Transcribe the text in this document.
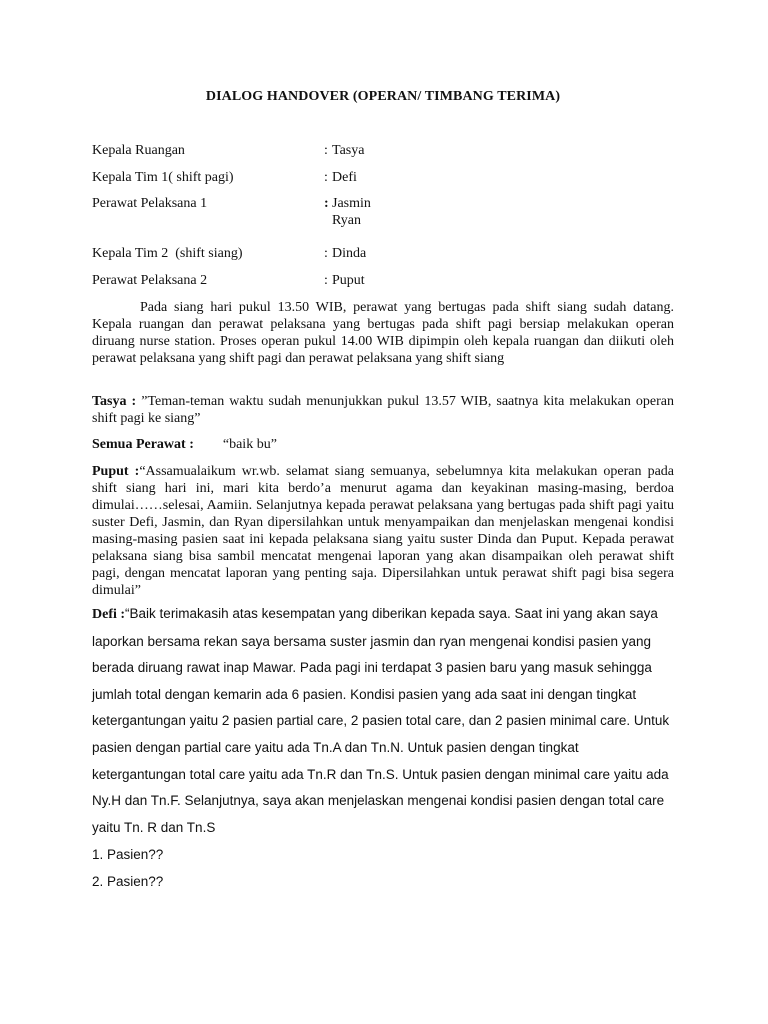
DIALOG HANDOVER (OPERAN/ TIMBANG TERIMA)
Kepala Ruangan	: Tasya
Kepala Tim 1( shift pagi)	: Defi
Perawat Pelaksana 1	: Jasmin
Ryan
Kepala Tim 2  (shift siang)	: Dinda
Perawat Pelaksana 2	: Puput

Pada siang hari pukul 13.50 WIB, perawat yang bertugas pada shift siang sudah datang. Kepala ruangan dan perawat pelaksana yang bertugas pada shift pagi bersiap melakukan operan diruang nurse station. Proses operan pukul 14.00 WIB dipimpin oleh kepala ruangan dan diikuti oleh perawat pelaksana yang shift pagi dan perawat pelaksana yang shift siang

Tasya : ”Teman-teman waktu sudah menunjukkan pukul 13.57 WIB, saatnya kita melakukan operan shift pagi ke siang”

Semua Perawat : “baik bu”

Puput :“Assamualaikum wr.wb. selamat siang semuanya, sebelumnya kita melakukan operan pada shift siang hari ini, mari kita berdo’a menurut agama dan keyakinan masing-masing, berdoa dimulai……selesai, Aamiin. Selanjutnya kepada perawat pelaksana yang bertugas pada shift pagi yaitu suster Defi, Jasmin, dan Ryan dipersilahkan untuk menyampaikan dan menjelaskan mengenai kondisi masing-masing pasien saat ini kepada pelaksana siang yaitu suster Dinda dan Puput. Kepada perawat pelaksana siang bisa sambil mencatat mengenai laporan yang akan disampaikan oleh perawat shift pagi, dengan mencatat laporan yang penting saja. Dipersilahkan untuk perawat shift pagi bisa segera dimulai”

Defi :“Baik terimakasih atas kesempatan yang diberikan kepada saya. Saat ini yang akan saya laporkan bersama rekan saya bersama suster jasmin dan ryan mengenai kondisi pasien yang berada diruang rawat inap Mawar. Pada pagi ini terdapat 3 pasien baru yang masuk sehingga jumlah total dengan kemarin ada 6 pasien. Kondisi pasien yang ada saat ini dengan tingkat ketergantungan yaitu 2 pasien partial care, 2 pasien total care, dan 2 pasien minimal care. Untuk pasien dengan partial care yaitu ada Tn.A dan Tn.N. Untuk pasien dengan tingkat ketergantungan total care yaitu ada Tn.R dan Tn.S. Untuk pasien dengan minimal care yaitu ada Ny.H dan Tn.F. Selanjutnya, saya akan menjelaskan mengenai kondisi pasien dengan total care yaitu Tn. R dan Tn.S

1. Pasien??
2. Pasien??
